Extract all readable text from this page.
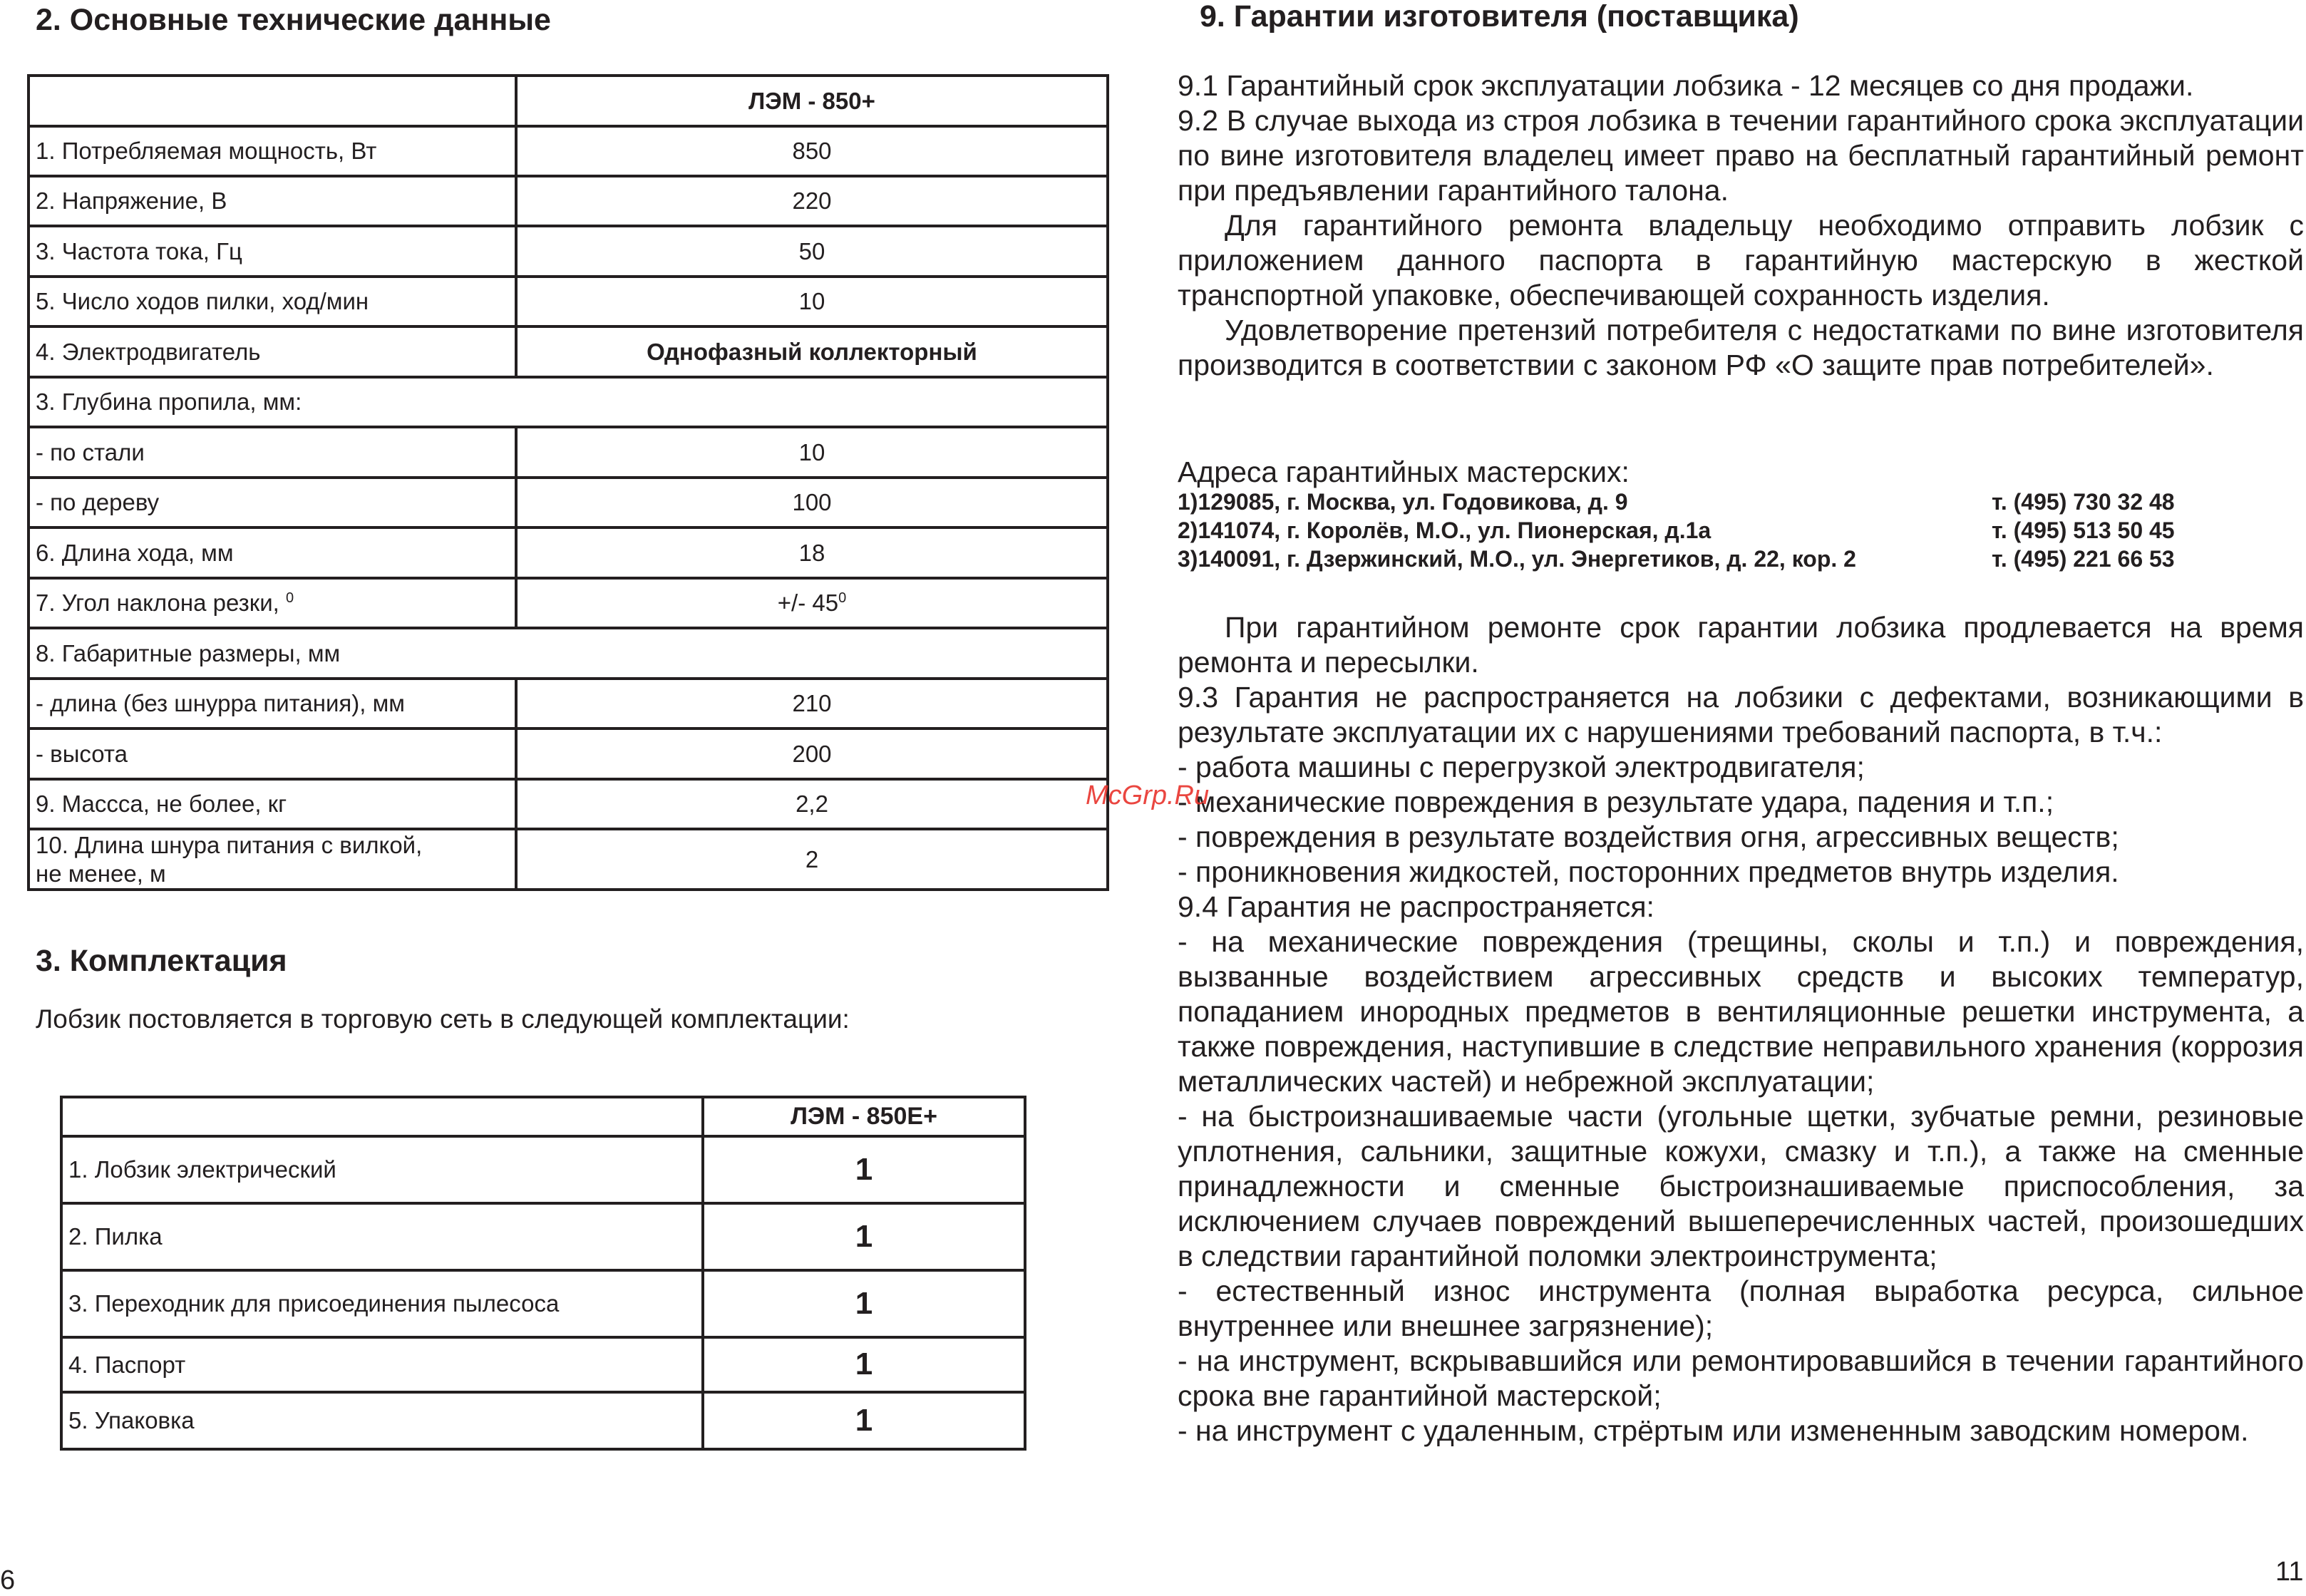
2. Основные технические данные
	ЛЭМ - 850+
1. Потребляемая мощность, Вт	850
2. Напряжение, В	220
3. Частота тока, Гц	50
5. Число ходов пилки, ход/мин	10
4. Электродвигатель	Однофазный коллекторный
3. Глубина пропила, мм:	
- по стали	10
- по дереву	100
6. Длина хода, мм	18
7. Угол наклона резки, $^0$	+/- $45^0$
8. Габаритные размеры, мм	
- длина (без шнурра питания), мм	210
- высота	200
9. Массса, не более, кг	2,2
10. Длина шнура питания с вилкой,
не менее, м	2
3. Комплектация
Лобзик постовляется в торговую сеть в следующей комплектации:
	ЛЭМ - 850Е+
1. Лобзик электрический	1
2. Пилка	1
3. Переходник для присоединения пылесоса	1
4. Паспорт	1
5. Упаковка	1
6
9. Гарантии изготовителя (поставщика)

9.1 Гарантийный срок эксплуатации лобзика - 12 месяцев со дня продажи.

9.2 В случае выхода из строя лобзика в течении гарантийного срока эксплуатации по вине изготовителя владелец имеет право на бесплатный гарантийный ремонт при предъявлении гарантийного талона.

Для гарантийного ремонта владельцу необходимо отправить лобзик с приложением данного паспорта в гарантийную мастерскую в жесткой транспортной упаковке, обеспечивающей сохранность изделия.

Удовлетворение претензий потребителя с недостатками по вине изготовителя производится в соответствии с законом РФ «О защите прав потребителей».

Адреса гарантийных мастерских:
1)129085, г. Москва, ул. Годовикова, д. 9	т. (495) 730 32 48
2)141074, г. Королёв, М.О., ул. Пионерская, д.1а	т. (495) 513 50 45
3)140091, г. Дзержинский, М.О., ул. Энергетиков, д. 22, кор. 2	т. (495) 221 66 53

При гарантийном ремонте срок гарантии лобзика продлевается на время ремонта и пересылки.

9.3 Гарантия не распространяется на лобзики с дефектами, возникающими в результате эксплуатации их с нарушениями требований паспорта, в т.ч.:

- работа машины с перегрузкой электродвигателя;

- механические повреждения в результате удара, падения и т.п.;

- повреждения в результате воздействия огня, агрессивных веществ;

- проникновения жидкостей, посторонних предметов внутрь изделия.

9.4 Гарантия не распространяется:

- на механические повреждения (трещины, сколы и т.п.) и повреждения, вызванные воздействием агрессивных средств и высоких температур, попаданием инородных предметов в вентиляционные решетки инструмента, а также повреждения, наступившие в следствие неправильного хранения (коррозия металлических частей) и небрежной эксплуатации;

- на быстроизнашиваемые части (угольные щетки, зубчатые ремни, резиновые уплотнения, сальники, защитные кожухи, смазку и т.п.), а также на сменные принадлежности и сменные быстроизнашиваемые приспособления, за исключением случаев повреждений вышеперечисленных частей, произошедших в следствии гарантийной поломки электроинструмента;

- естественный износ инструмента (полная выработка ресурса, сильное внутреннее или внешнее загрязнение);

- на инструмент, вскрывавшийся или ремонтировавшийся в течении гарантийного срока вне гарантийной мастерской;

- на инструмент с удаленным, стрёртым или измененным заводским номером.

McGrp.Ru
11
